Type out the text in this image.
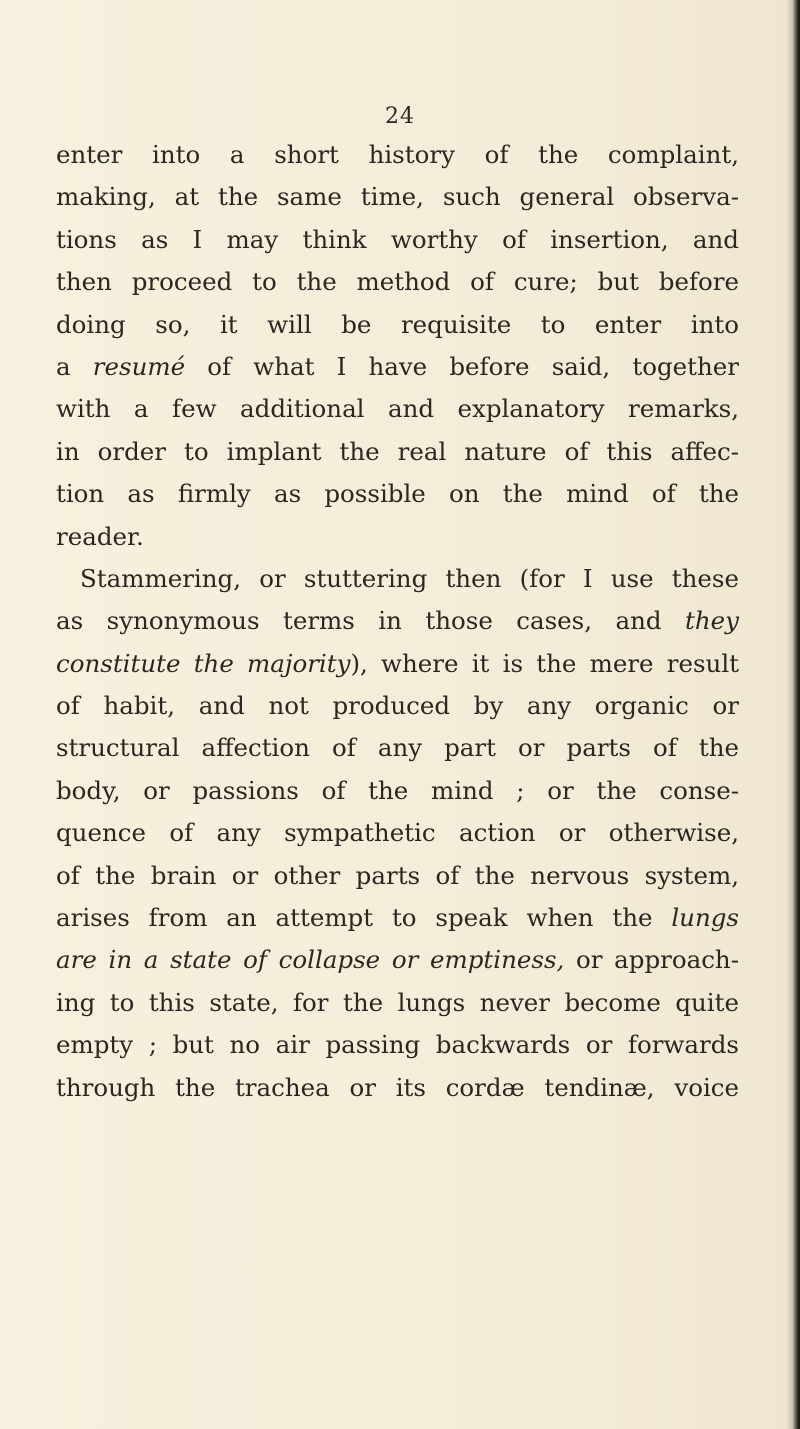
24
enter into a short history of the complaint,
making, at the same time, such general observa-
tions as I may think worthy of insertion, and
then proceed to the method of cure; but before
doing so, it will be requisite to enter into
a resumé of what I have before said, together
with a few additional and explanatory remarks,
in order to implant the real nature of this affec-
tion as firmly as possible on the mind of the
reader.
Stammering, or stuttering then (for I use these
as synonymous terms in those cases, and they
constitute the majority), where it is the mere result
of habit, and not produced by any organic or
structural affection of any part or parts of the
body, or passions of the mind ; or the conse-
quence of any sympathetic action or otherwise,
of the brain or other parts of the nervous system,
arises from an attempt to speak when the lungs
are in a state of collapse or emptiness, or approach-
ing to this state, for the lungs never become quite
empty ; but no air passing backwards or forwards
through the trachea or its cordæ tendinæ, voice
